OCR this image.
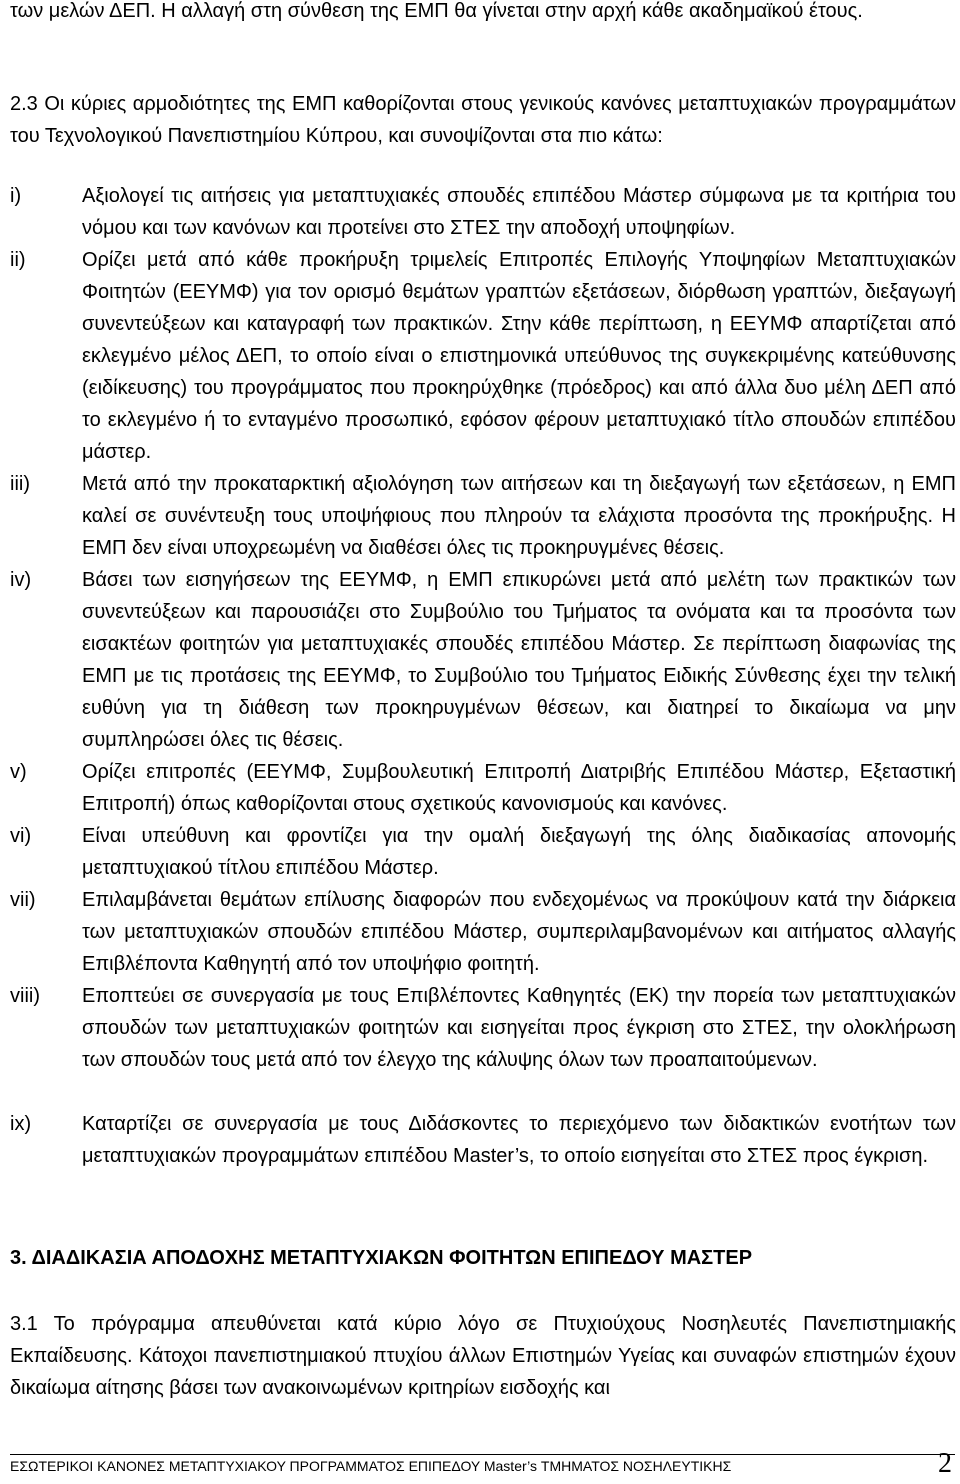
των μελών ΔΕΠ. Η αλλαγή στη σύνθεση της ΕΜΠ θα γίνεται στην αρχή κάθε ακαδημαϊκού έτους.
2.3 Οι κύριες αρμοδιότητες της ΕΜΠ καθορίζονται στους γενικούς κανόνες μεταπτυχιακών προγραμμάτων του Τεχνολογικού Πανεπιστημίου Κύπρου, και συνοψίζονται στα πιο κάτω:
i)	Αξιολογεί τις αιτήσεις για μεταπτυχιακές σπουδές επιπέδου Μάστερ σύμφωνα με τα κριτήρια του νόμου και των κανόνων και προτείνει στο ΣΤΕΣ την αποδοχή υποψηφίων.
ii)	Ορίζει μετά από κάθε προκήρυξη τριμελείς Επιτροπές Επιλογής Υποψηφίων Μεταπτυχιακών Φοιτητών (ΕΕΥΜΦ) για τον ορισμό θεμάτων γραπτών εξετάσεων, διόρθωση γραπτών, διεξαγωγή συνεντεύξεων και καταγραφή των πρακτικών. Στην κάθε περίπτωση, η ΕΕΥΜΦ απαρτίζεται από εκλεγμένο μέλος ΔΕΠ, το οποίο είναι ο επιστημονικά υπεύθυνος της συγκεκριμένης κατεύθυνσης (ειδίκευσης) του προγράμματος που προκηρύχθηκε (πρόεδρος) και από άλλα δυο μέλη ΔΕΠ από το εκλεγμένο ή το ενταγμένο προσωπικό, εφόσον φέρουν μεταπτυχιακό τίτλο σπουδών επιπέδου μάστερ.
iii)	Μετά από την προκαταρκτική αξιολόγηση των αιτήσεων και τη διεξαγωγή των εξετάσεων, η ΕΜΠ καλεί σε συνέντευξη τους υποψήφιους που πληρούν τα ελάχιστα προσόντα της προκήρυξης. Η ΕΜΠ δεν είναι υποχρεωμένη να διαθέσει όλες τις προκηρυγμένες θέσεις.
iv)	Βάσει των εισηγήσεων της ΕΕΥΜΦ, η ΕΜΠ επικυρώνει μετά από μελέτη των πρακτικών των συνεντεύξεων και παρουσιάζει στο Συμβούλιο του Τμήματος τα ονόματα και τα προσόντα των εισακτέων φοιτητών για μεταπτυχιακές σπουδές επιπέδου Μάστερ. Σε περίπτωση διαφωνίας της ΕΜΠ με τις προτάσεις της ΕΕΥΜΦ, το Συμβούλιο του Τμήματος Ειδικής Σύνθεσης έχει την τελική ευθύνη για τη διάθεση των προκηρυγμένων θέσεων, και διατηρεί το δικαίωμα να μην συμπληρώσει όλες τις θέσεις.
v)	Ορίζει επιτροπές (ΕΕΥΜΦ, Συμβουλευτική Επιτροπή Διατριβής Επιπέδου Μάστερ, Εξεταστική Επιτροπή) όπως καθορίζονται στους σχετικούς κανονισμούς και κανόνες.
vi)	Είναι υπεύθυνη και φροντίζει για την ομαλή διεξαγωγή της όλης διαδικασίας απονομής μεταπτυχιακού τίτλου επιπέδου Μάστερ.
vii)	Επιλαμβάνεται θεμάτων επίλυσης διαφορών που ενδεχομένως να προκύψουν κατά την διάρκεια των μεταπτυχιακών σπουδών επιπέδου Μάστερ, συμπεριλαμβανομένων και αιτήματος αλλαγής Επιβλέποντα Καθηγητή από τον υποψήφιο φοιτητή.
viii)	Εποπτεύει σε συνεργασία με τους Επιβλέποντες Καθηγητές (ΕΚ) την πορεία των μεταπτυχιακών σπουδών των μεταπτυχιακών φοιτητών και εισηγείται προς έγκριση στο ΣΤΕΣ, την ολοκλήρωση των σπουδών τους μετά από τον έλεγχο της κάλυψης όλων των προαπαιτούμενων.
ix)	Καταρτίζει σε συνεργασία με τους Διδάσκοντες το περιεχόμενο των διδακτικών ενοτήτων των μεταπτυχιακών προγραμμάτων επιπέδου Master’s, το οποίο εισηγείται στο ΣΤΕΣ προς έγκριση.
3. ΔΙΑΔΙΚΑΣΙΑ ΑΠΟΔΟΧΗΣ ΜΕΤΑΠΤΥΧΙΑΚΩΝ ΦΟΙΤΗΤΩΝ ΕΠΙΠΕΔΟΥ ΜΑΣΤΕΡ
3.1 Το πρόγραμμα απευθύνεται κατά κύριο λόγο σε Πτυχιούχους Νοσηλευτές Πανεπιστημιακής Εκπαίδευσης. Κάτοχοι πανεπιστημιακού πτυχίου άλλων Επιστημών Υγείας και συναφών επιστημών έχουν δικαίωμα αίτησης βάσει των ανακοινωμένων κριτηρίων εισδοχής και
ΕΣΩΤΕΡΙΚΟΙ ΚΑΝΟΝΕΣ ΜΕΤΑΠΤΥΧΙΑΚΟΥ ΠΡΟΓΡΑΜΜΑΤΟΣ ΕΠΙΠΕΔΟΥ Master’s ΤΜΗΜΑΤΟΣ ΝΟΣΗΛΕΥΤΙΚΗΣ	2
